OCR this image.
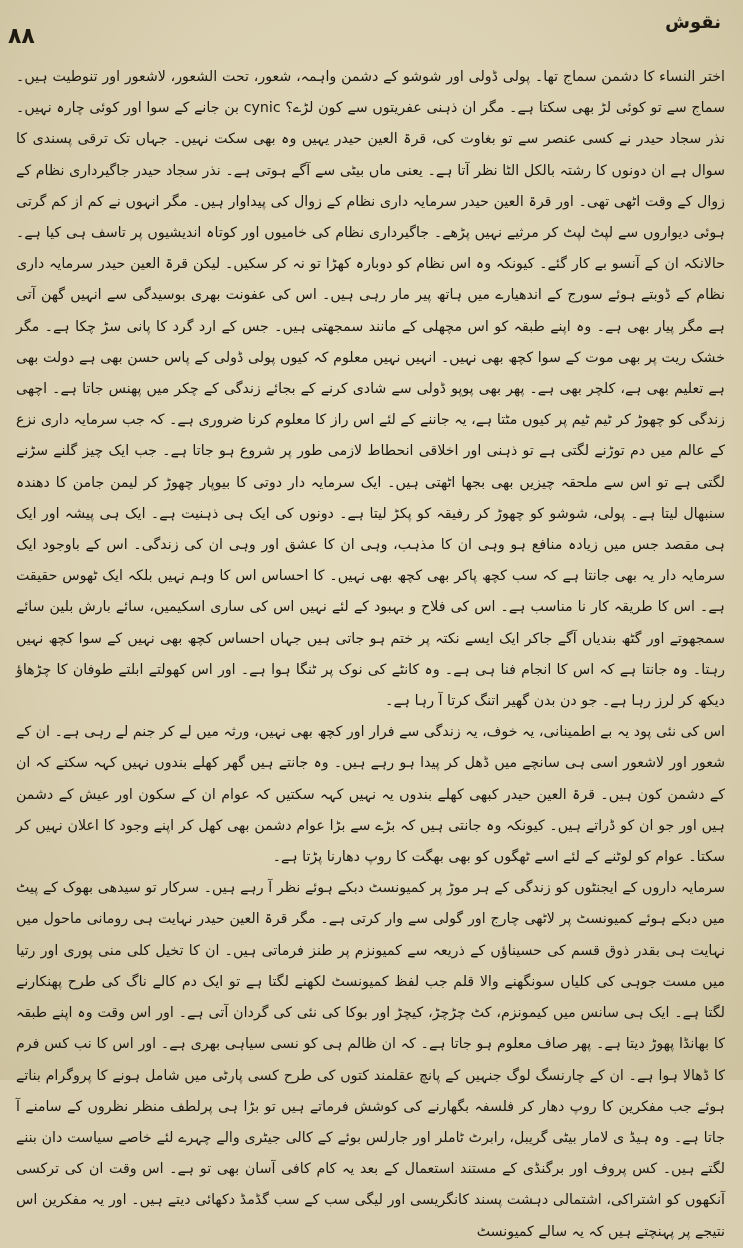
۸۸
نقوش

اختر النساء کا دشمن سماج تھا۔ پولی ڈولی اور شوشو کے دشمن واہمہ، شعور، تحت الشعور، لاشعور اور تنوطیت ہیں۔ سماج سے تو کوئی لڑ بھی سکتا ہے۔ مگر ان ذہنی عفریتوں سے کون لڑے؟ cynic بن جانے کے سوا اور کوئی چارہ نہیں۔ نذر سجاد حیدر نے کسی عنصر سے تو بغاوت کی، قرۃ العین حیدر یہیں وہ بھی سکت نہیں۔ جہاں تک ترقی پسندی کا سوال ہے ان دونوں کا رشتہ بالکل الٹا نظر آتا ہے۔ یعنی ماں بیٹی سے آگے ہوتی ہے۔ نذر سجاد حیدر جاگیرداری نظام کے زوال کے وقت اٹھی تھی۔ اور قرۃ العین حیدر سرمایہ داری نظام کے زوال کی پیداوار ہیں۔ مگر انہوں نے کم از کم گرتی ہوئی دیواروں سے لپٹ لپٹ کر مرثیے نہیں پڑھے۔ جاگیرداری نظام کی خامیوں اور کوتاہ اندیشیوں پر تاسف ہی کیا ہے۔ حالانکہ ان کے آنسو بے کار گئے۔ کیونکہ وہ اس نظام کو دوبارہ کھڑا تو نہ کر سکیں۔ لیکن قرۃ العین حیدر سرمایہ داری نظام کے ڈوبتے ہوئے سورج کے اندھیارے میں ہاتھ پیر مار رہی ہیں۔ اس کی عفونت بھری بوسیدگی سے انہیں گھن آتی ہے مگر پیار بھی ہے۔ وہ اپنے طبقہ کو اس مچھلی کے مانند سمجھتی ہیں۔ جس کے ارد گرد کا پانی سڑ چکا ہے۔ مگر خشک ریت پر بھی موت کے سوا کچھ بھی نہیں۔ انہیں نہیں معلوم کہ کیوں پولی ڈولی کے پاس حسن بھی ہے دولت بھی ہے تعلیم بھی ہے، کلچر بھی ہے۔ پھر بھی پوپو ڈولی سے شادی کرنے کے بجائے زندگی کے چکر میں پھنس جاتا ہے۔ اچھی زندگی کو چھوڑ کر ٹیم ٹیم پر کیوں مٹتا ہے، یہ جاننے کے لئے اس راز کا معلوم کرنا ضروری ہے۔ کہ جب سرمایہ داری نزع کے عالم میں دم توڑنے لگتی ہے تو ذہنی اور اخلاقی انحطاط لازمی طور پر شروع ہو جاتا ہے۔ جب ایک چیز گلنے سڑنے لگتی ہے تو اس سے ملحقہ چیزیں بھی بجھا اٹھتی ہیں۔ ایک سرمایہ دار دوتی کا بیوپار چھوڑ کر لیمن جامن کا دھندہ سنبھال لیتا ہے۔ پولی، شوشو کو چھوڑ کر رفیقہ کو پکڑ لیتا ہے۔ دونوں کی ایک ہی ذہنیت ہے۔ ایک ہی پیشہ اور ایک ہی مقصد جس میں زیادہ منافع ہو وہی ان کا مذہب، وہی ان کا عشق اور وہی ان کی زندگی۔ اس کے باوجود ایک سرمایہ دار یہ بھی جانتا ہے کہ سب کچھ پاکر بھی کچھ بھی نہیں۔ کا احساس اس کا وہم نہیں بلکہ ایک ٹھوس حقیقت ہے۔ اس کا طریقہ کار نا مناسب ہے۔ اس کی فلاح و بہبود کے لئے نہیں اس کی ساری اسکیمیں، سائے بارش بلین سائے سمجھوتے اور گٹھ بندیاں آگے جاکر ایک ایسے نکتہ پر ختم ہو جاتی ہیں جہاں احساس کچھ بھی نہیں کے سوا کچھ نہیں رہتا۔ وہ جانتا ہے کہ اس کا انجام فنا ہی ہے۔ وہ کانٹے کی نوک پر ٹنگا ہوا ہے۔ اور اس کھولتے ابلتے طوفان کا چڑھاؤ دیکھ کر لرز رہا ہے۔ جو دن بدن گھیر اتنگ کرتا آ رہا ہے۔

اس کی نئی پود یہ بے اطمینانی، یہ خوف، یہ زندگی سے فرار اور کچھ بھی نہیں، ورثہ میں لے کر جنم لے رہی ہے۔ ان کے شعور اور لاشعور اسی ہی سانچے میں ڈھل کر پیدا ہو رہے ہیں۔ وہ جانتے ہیں گھر کھلے بندوں نہیں کہہ سکتے کہ ان کے دشمن کون ہیں۔ قرۃ العین حیدر کبھی کھلے بندوں یہ نہیں کہہ سکتیں کہ عوام ان کے سکون اور عیش کے دشمن ہیں اور جو ان کو ڈراتے ہیں۔ کیونکہ وہ جانتی ہیں کہ بڑے سے بڑا عوام دشمن بھی کھل کر اپنے وجود کا اعلان نہیں کر سکتا۔ عوام کو لوٹنے کے لئے اسے ٹھگوں کو بھی بھگت کا روپ دھارنا پڑتا ہے۔

سرمایہ داروں کے ایجنٹوں کو زندگی کے ہر موڑ پر کمیونسٹ دبکے ہوئے نظر آ رہے ہیں۔ سرکار تو سیدھی بھوک کے پیٹ میں دبکے ہوئے کمیونسٹ پر لاٹھی چارج اور گولی سے وار کرتی ہے۔ مگر قرۃ العین حیدر نہایت ہی رومانی ماحول میں نہایت ہی بقدر ذوق قسم کی حسیناؤں کے ذریعہ سے کمیونزم پر طنز فرماتی ہیں۔ ان کا تخیل کلی منی پوری اور رتیا میں مست جوہی کی کلیاں سونگھنے والا قلم جب لفظ کمیونسٹ لکھنے لگتا ہے تو ایک دم کالے ناگ کی طرح پھنکارنے لگتا ہے۔ ایک ہی سانس میں کیمونزم، کٹ چڑچڑ، کیچڑ اور بوکا کی نئی کی گردان آتی ہے۔ اور اس وقت وہ اپنے طبقہ کا بھانڈا پھوڑ دیتا ہے۔ پھر صاف معلوم ہو جاتا ہے۔ کہ ان ظالم ہی کو نسی سیاہی بھری ہے۔ اور اس کا نب کس فرم کا ڈھالا ہوا ہے۔ ان کے چارنسگ لوگ جنہیں کے پانچ عقلمند کتوں کی طرح کسی پارٹی میں شامل ہونے کا پروگرام بناتے ہوئے جب مفکرین کا روپ دھار کر فلسفہ بگھارنے کی کوشش فرماتے ہیں تو بڑا ہی پرلطف منظر نظروں کے سامنے آ جاتا ہے۔ وہ ہیڈ ی لامار بیٹی گریبل، رابرٹ ٹاملر اور جارلس بوئے کے کالی جیٹری والے چہرے لئے خاصے سیاست دان بننے لگتے ہیں۔ کس پروف اور برگنڈی کے مستند استعمال کے بعد یہ کام کافی آسان بھی تو ہے۔ اس وقت ان کی ترکسی آنکھوں کو اشتراکی، اشتمالی دہشت پسند کانگریسی اور لیگی سب کے سب گڈمڈ دکھائی دیتے ہیں۔ اور یہ مفکرین اس نتیجے پر پہنچتے ہیں کہ یہ سالے کمیونسٹ
